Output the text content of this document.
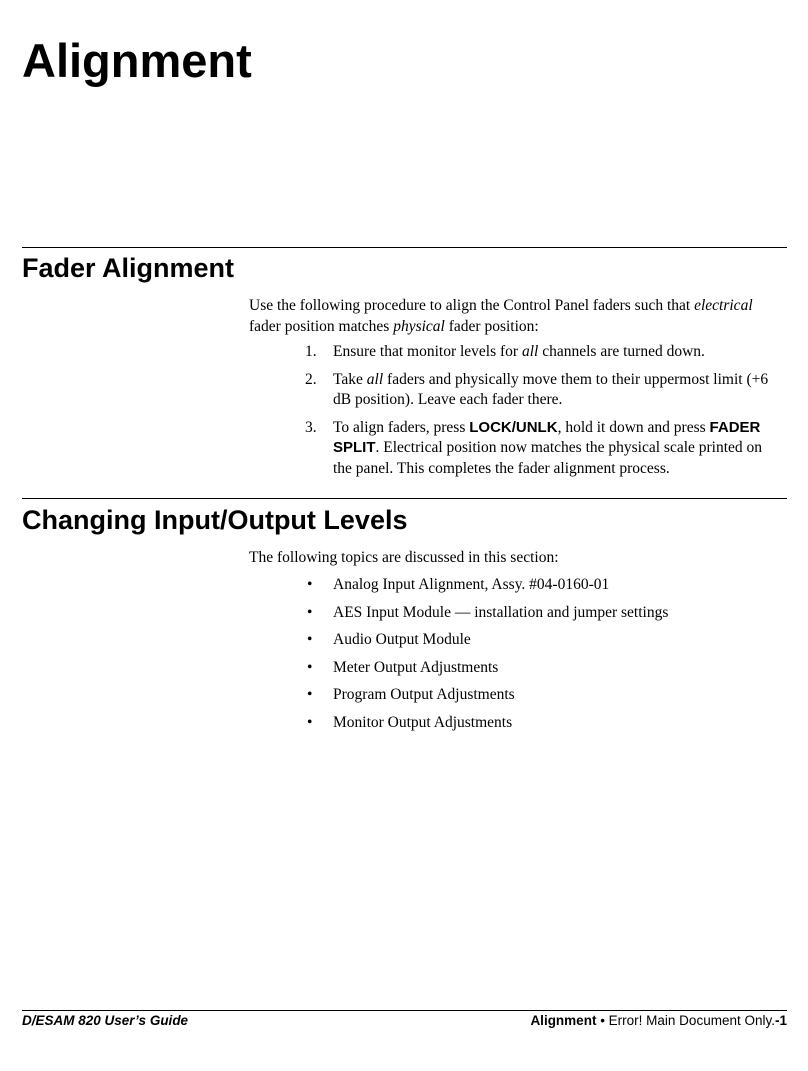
Alignment
Fader Alignment

Use the following procedure to align the Control Panel faders such that electrical fader position matches physical fader position:

1. Ensure that monitor levels for all channels are turned down.
2. Take all faders and physically move them to their uppermost limit (+6 dB position). Leave each fader there.
3. To align faders, press LOCK/UNLK, hold it down and press FADER SPLIT. Electrical position now matches the physical scale printed on the panel. This completes the fader alignment process.
Changing Input/Output Levels

The following topics are discussed in this section:

• Analog Input Alignment, Assy. #04-0160-01
• AES Input Module — installation and jumper settings
• Audio Output Module
• Meter Output Adjustments
• Program Output Adjustments
• Monitor Output Adjustments
D/ESAM 820 User’s Guide	Alignment • Error! Main Document Only.-1
